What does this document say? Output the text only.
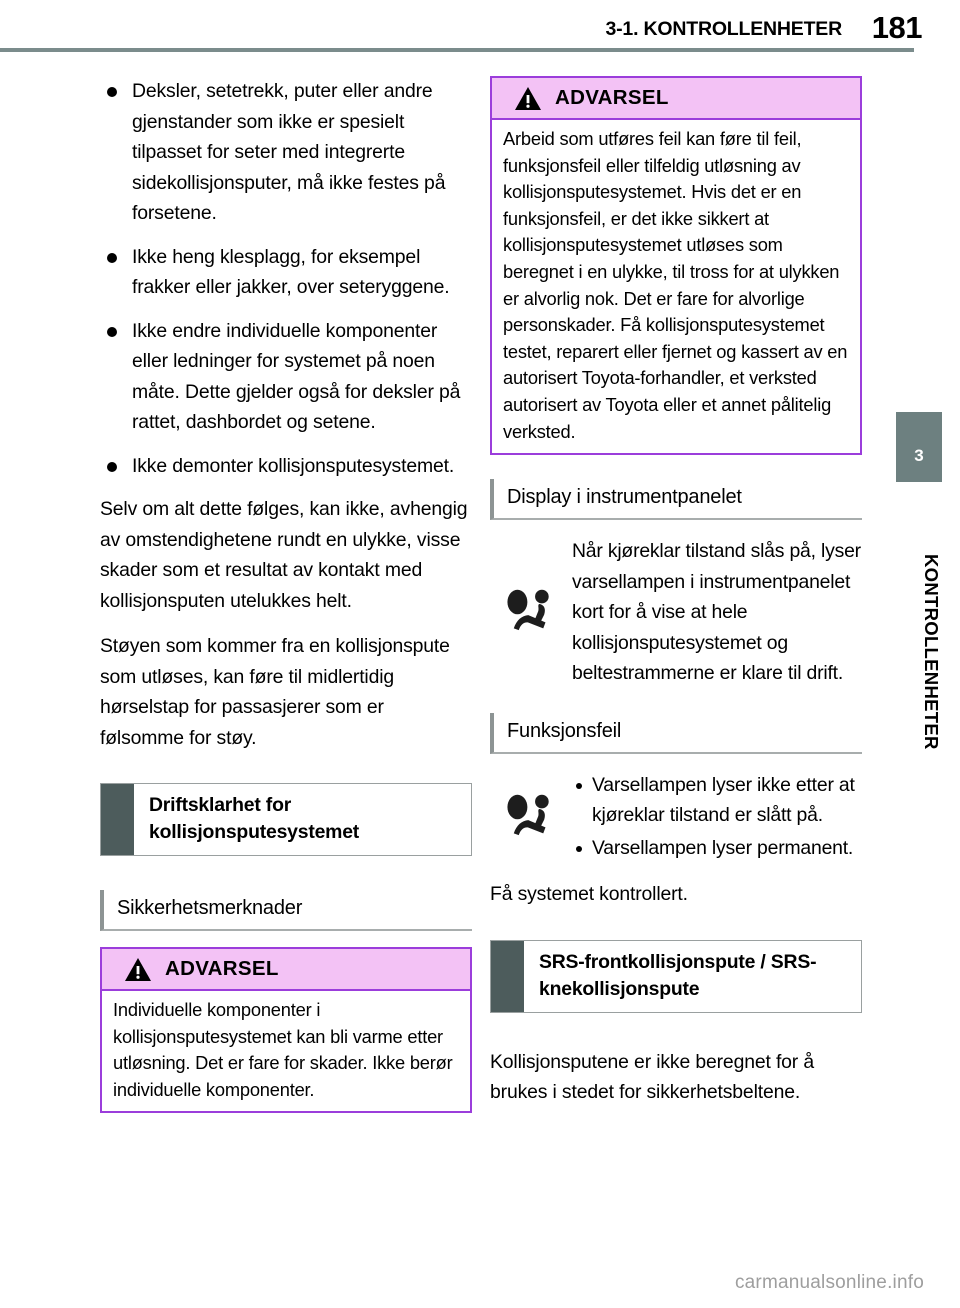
3-1. KONTROLLENHETER 181
3
KONTROLLENHETER
Deksler, setetrekk, puter eller andre gjenstander som ikke er spesielt tilpasset for seter med integrerte sidekollisjonsputer, må ikke festes på forsetene.
Ikke heng klesplagg, for eksempel frakker eller jakker, over seteryggene.
Ikke endre individuelle komponenter eller ledninger for systemet på noen måte. Dette gjelder også for deksler på rattet, dashbordet og setene.
Ikke demonter kollisjonsputesystemet.

Selv om alt dette følges, kan ikke, avhengig av omstendighetene rundt en ulykke, visse skader som et resultat av kontakt med kollisjonsputen utelukkes helt.

Støyen som kommer fra en kollisjonspute som utløses, kan føre til midlertidig hørselstap for passasjerer som er følsomme for støy.

Driftsklarhet for kollisjonsputesystemet
Sikkerhetsmerknader
ADVARSEL
Individuelle komponenter i kollisjonsputesystemet kan bli varme etter utløsning. Det er fare for skader. Ikke berør individuelle komponenter.
ADVARSEL
Arbeid som utføres feil kan føre til feil, funksjonsfeil eller tilfeldig utløsning av kollisjonsputesystemet. Hvis det er en funksjonsfeil, er det ikke sikkert at kollisjonsputesystemet utløses som beregnet i en ulykke, til tross for at ulykken er alvorlig nok. Det er fare for alvorlige personskader. Få kollisjonsputesystemet testet, reparert eller fjernet og kassert av en autorisert Toyota-forhandler, et verksted autorisert av Toyota eller et annet pålitelig verksted.
Display i instrumentpanelet
Når kjøreklar tilstand slås på, lyser varsellampen i instrumentpanelet kort for å vise at hele kollisjonsputesystemet og beltestrammerne er klare til drift.
Funksjonsfeil
Varsellampen lyser ikke etter at kjøreklar tilstand er slått på.
Varsellampen lyser permanent.

Få systemet kontrollert.

SRS-frontkollisjonspute / SRS-knekollisjonspute

Kollisjonsputene er ikke beregnet for å brukes i stedet for sikkerhetsbeltene.

carmanualsonline.info
